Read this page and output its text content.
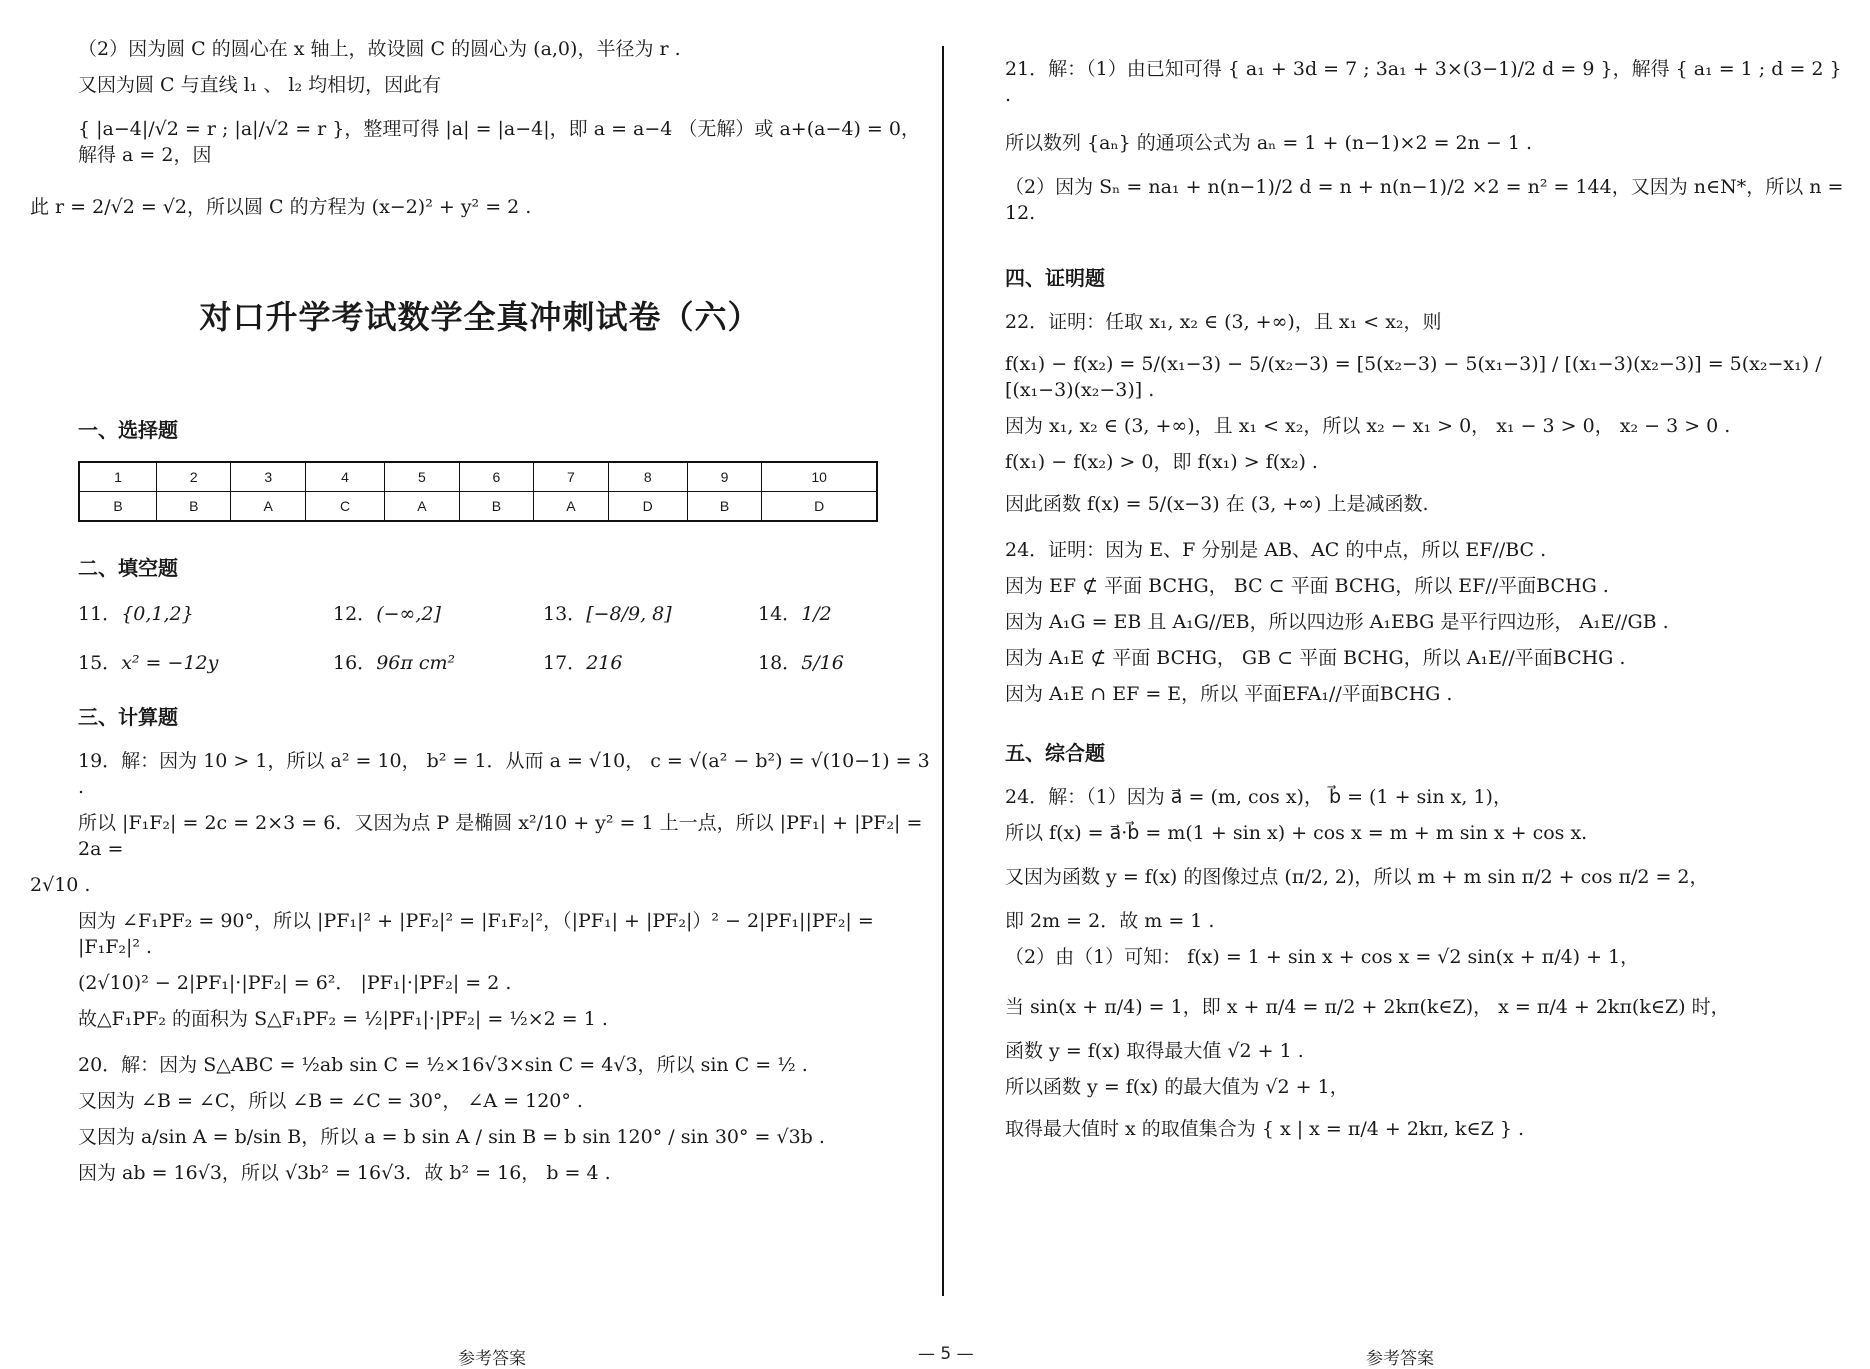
（2）因为圆 C 的圆心在 x 轴上，故设圆 C 的圆心为 (a,0)，半径为 r .

又因为圆 C 与直线 l₁ 、 l₂ 均相切，因此有

{ |a−4|/√2 = r ; |a|/√2 = r }，整理可得 |a| = |a−4|，即 a = a−4 （无解）或 a+(a−4) = 0，解得 a = 2，因

此 r = 2/√2 = √2，所以圆 C 的方程为 (x−2)² + y² = 2 .

对口升学考试数学全真冲刺试卷（六）
一、选择题
1	2	3	4	5	6	7	8	9	10
B	B	A	C	A	B	A	D	B	D
二、填空题
11．{0,1,2}	12．(−∞,2]	13．[−8/9, 8]	14．1/2
15．x² = −12y	16．96π cm²	17．216	18．5/16
三、计算题

19．解：因为 10 > 1，所以 a² = 10， b² = 1．从而 a = √10， c = √(a² − b²) = √(10−1) = 3 .

所以 |F₁F₂| = 2c = 2×3 = 6．又因为点 P 是椭圆 x²/10 + y² = 1 上一点，所以 |PF₁| + |PF₂| = 2a =

2√10 .

因为 ∠F₁PF₂ = 90°，所以 |PF₁|² + |PF₂|² = |F₁F₂|²，（|PF₁| + |PF₂|）² − 2|PF₁||PF₂| = |F₁F₂|² .

(2√10)² − 2|PF₁|·|PF₂| = 6²． |PF₁|·|PF₂| = 2 .

故△F₁PF₂ 的面积为 S△F₁PF₂ = ½|PF₁|·|PF₂| = ½×2 = 1 .

20．解：因为 S△ABC = ½ab sin C = ½×16√3×sin C = 4√3，所以 sin C = ½ .

又因为 ∠B = ∠C，所以 ∠B = ∠C = 30°， ∠A = 120° .

又因为 a/sin A = b/sin B，所以 a = b sin A / sin B = b sin 120° / sin 30° = √3b .

因为 ab = 16√3，所以 √3b² = 16√3．故 b² = 16， b = 4 .

21．解：（1）由已知可得 { a₁ + 3d = 7 ; 3a₁ + 3×(3−1)/2 d = 9 }，解得 { a₁ = 1 ; d = 2 } .

所以数列 {aₙ} 的通项公式为 aₙ = 1 + (n−1)×2 = 2n − 1 .

（2）因为 Sₙ = na₁ + n(n−1)/2 d = n + n(n−1)/2 ×2 = n² = 144，又因为 n∈N*，所以 n = 12.

四、证明题

22．证明：任取 x₁, x₂ ∈ (3, +∞)，且 x₁ < x₂，则

f(x₁) − f(x₂) = 5/(x₁−3) − 5/(x₂−3) = [5(x₂−3) − 5(x₁−3)] / [(x₁−3)(x₂−3)] = 5(x₂−x₁) / [(x₁−3)(x₂−3)] .

因为 x₁, x₂ ∈ (3, +∞)，且 x₁ < x₂，所以 x₂ − x₁ > 0， x₁ − 3 > 0， x₂ − 3 > 0 .

f(x₁) − f(x₂) > 0，即 f(x₁) > f(x₂) .

因此函数 f(x) = 5/(x−3) 在 (3, +∞) 上是减函数.

24．证明：因为 E、F 分别是 AB、AC 的中点，所以 EF//BC .

因为 EF ⊄ 平面 BCHG， BC ⊂ 平面 BCHG，所以 EF//平面BCHG .

因为 A₁G = EB 且 A₁G//EB，所以四边形 A₁EBG 是平行四边形， A₁E//GB .

因为 A₁E ⊄ 平面 BCHG， GB ⊂ 平面 BCHG，所以 A₁E//平面BCHG .

因为 A₁E ∩ EF = E，所以 平面EFA₁//平面BCHG .

五、综合题

24．解：（1）因为 a⃗ = (m, cos x)， b⃗ = (1 + sin x, 1)，

所以 f(x) = a⃗·b⃗ = m(1 + sin x) + cos x = m + m sin x + cos x.

又因为函数 y = f(x) 的图像过点 (π/2, 2)，所以 m + m sin π/2 + cos π/2 = 2，

即 2m = 2．故 m = 1 .

（2）由（1）可知： f(x) = 1 + sin x + cos x = √2 sin(x + π/4) + 1，

当 sin(x + π/4) = 1，即 x + π/4 = π/2 + 2kπ(k∈Z)， x = π/4 + 2kπ(k∈Z) 时，

函数 y = f(x) 取得最大值 √2 + 1 .

所以函数 y = f(x) 的最大值为 √2 + 1，

取得最大值时 x 的取值集合为 { x | x = π/4 + 2kπ, k∈Z } .

参考答案	— 5 —	参考答案
